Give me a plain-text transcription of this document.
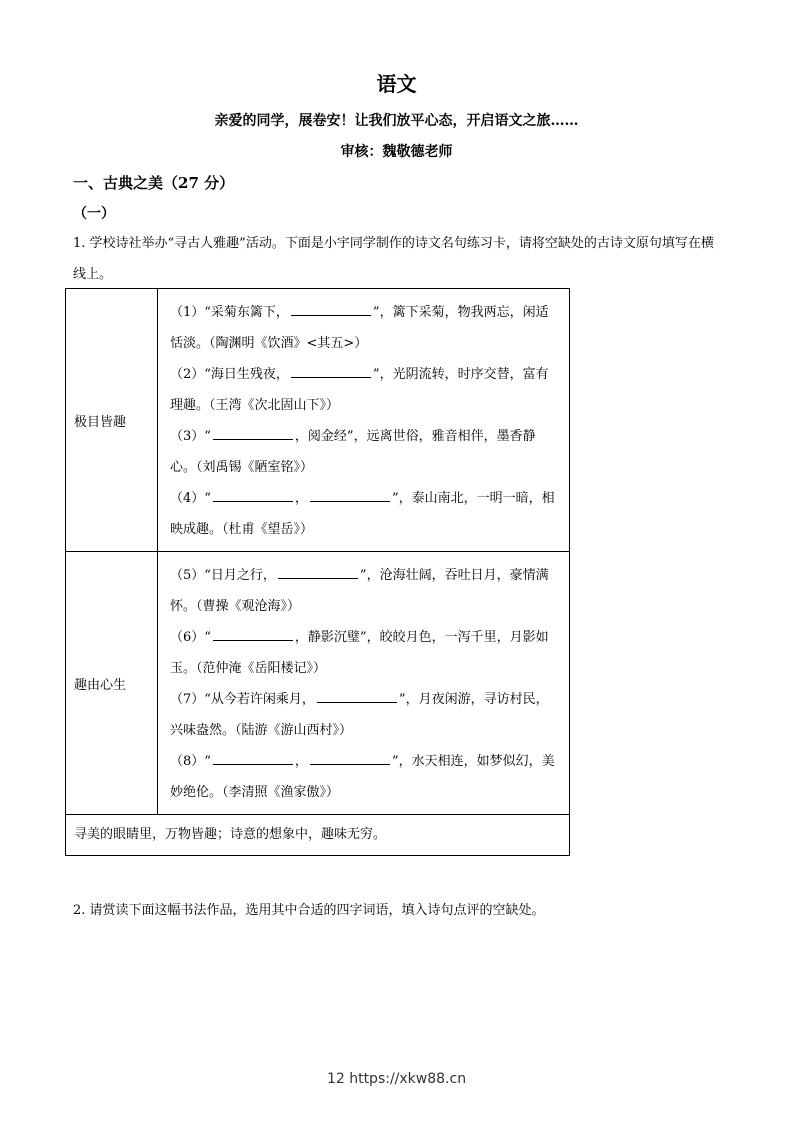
语文
亲爱的同学，展卷安！让我们放平心态，开启语文之旅……
审核：魏敬德老师
一、古典之美（27 分）
（一）
1. 学校诗社举办“寻古人雅趣”活动。下面是小宇同学制作的诗文名句练习卡，请将空缺处的古诗文原句填写在横线上。
极目皆趣	（1）“采菊东篱下， ”，篱下采菊，物我两忘，闲适恬淡。（陶渊明《饮酒》<其五>）
（2）“海日生残夜， ”，光阴流转，时序交替，富有理趣。（王湾《次北固山下》）
（3）“ ，阅金经”，远离世俗，雅音相伴，墨香静心。（刘禹锡《陋室铭》）
（4）“ ， ”，泰山南北，一明一暗，相映成趣。（杜甫《望岳》）

趣由心生	（5）“日月之行， ”，沧海壮阔，吞吐日月，豪情满怀。（曹操《观沧海》）
（6）“ ，静影沉璧”，皎皎月色，一泻千里，月影如玉。（范仲淹《岳阳楼记》）
（7）“从今若许闲乘月， ”，月夜闲游，寻访村民，兴味盎然。（陆游《游山西村》）
（8）“ ， ”，水天相连，如梦似幻，美妙绝伦。（李清照《渔家傲》）

寻美的眼睛里，万物皆趣；诗意的想象中，趣味无穷。	
2. 请赏读下面这幅书法作品，选用其中合适的四字词语，填入诗句点评的空缺处。
12 https://xkw88.cn
